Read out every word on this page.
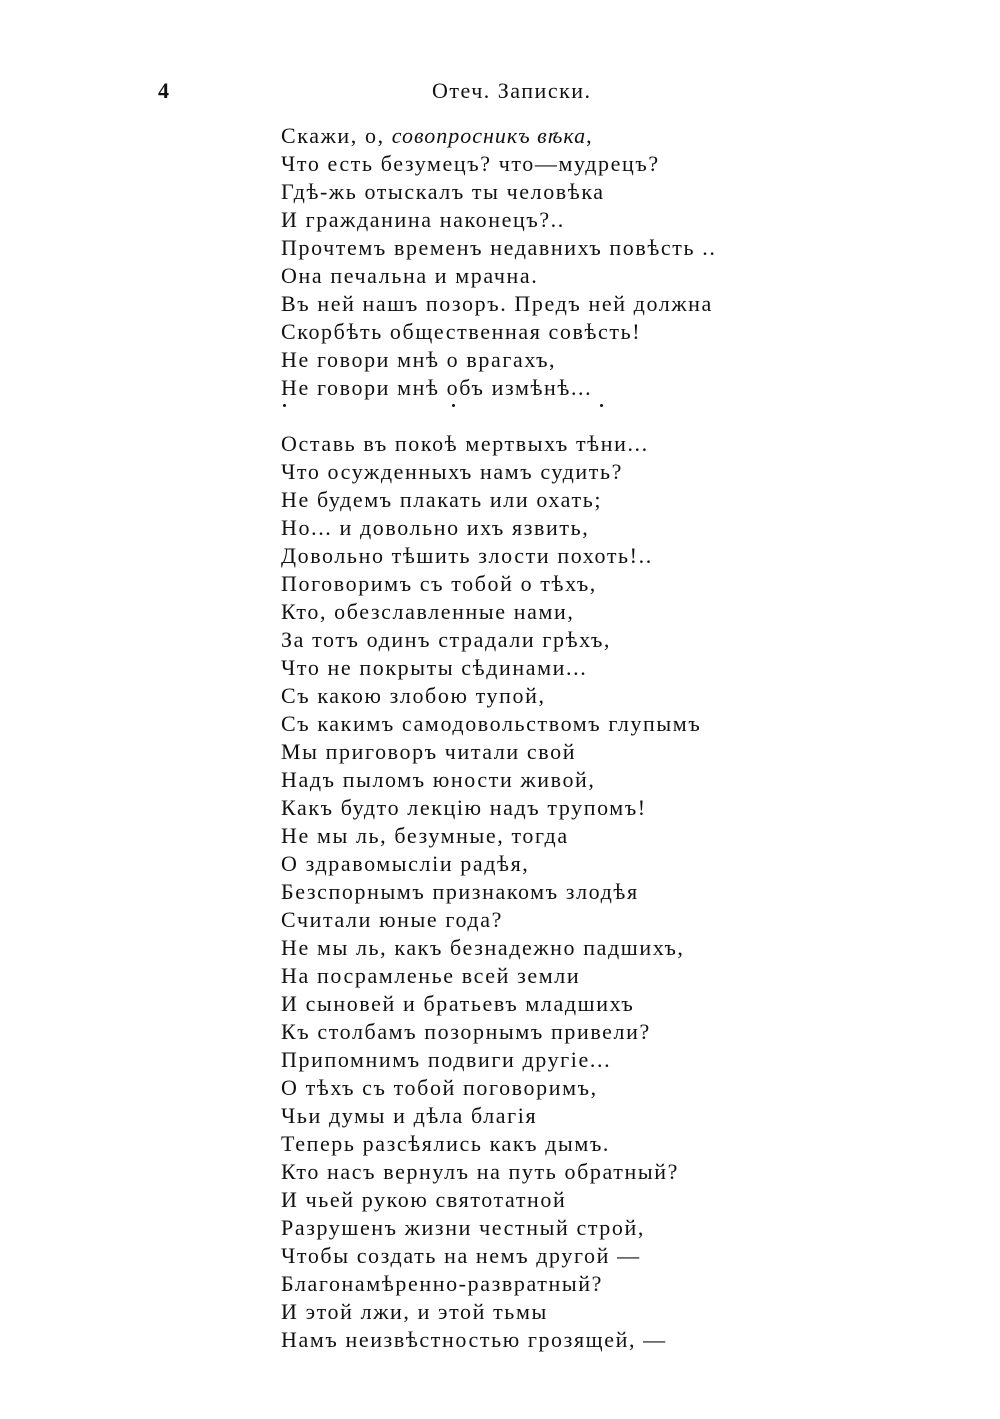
4	Отеч. Записки.
Скажи, о, совопросникъ вѣка,
Что есть безумецъ? что—мудрецъ?
Гдѣ-жь отыскалъ ты человѣка
И гражданина наконецъ?..
Прочтемъ временъ недавнихъ повѣсть ..
Она печальна и мрачна.
Въ ней нашъ позоръ. Предъ ней должна
Скорбѣть общественная совѣсть!
Не говори мнѣ о врагахъ,
Не говори мнѣ объ измѣнѣ...
Оставь въ покоѣ мертвыхъ тѣни...
Что осужденныхъ намъ судить?
Не будемъ плакать или охать;
Но... и довольно ихъ язвить,
Довольно тѣшить злости похоть!..
Поговоримъ съ тобой о тѣхъ,
Кто, обезславленные нами,
За тотъ одинъ страдали грѣхъ,
Что не покрыты сѣдинами...
Съ какою злобою тупой,
Съ какимъ самодовольствомъ глупымъ
Мы приговоръ читали свой
Надъ пыломъ юности живой,
Какъ будто лекцію надъ трупомъ!
Не мы ль, безумные, тогда
О здравомысліи радѣя,
Безспорнымъ признакомъ злодѣя
Считали юные года?
Не мы ль, какъ безнадежно падшихъ,
На посрамленье всей земли
И сыновей и братьевъ младшихъ
Къ столбамъ позорнымъ привели?
Припомнимъ подвиги другіе...
О тѣхъ съ тобой поговоримъ,
Чьи думы и дѣла благія
Теперь разсѣялись какъ дымъ.
Кто насъ вернулъ на путь обратный?
И чьей рукою святотатной
Разрушенъ жизни честный строй,
Чтобы создать на немъ другой —
Благонамѣренно-развратный?
И этой лжи, и этой тьмы
Намъ неизвѣстностью грозящей, —
